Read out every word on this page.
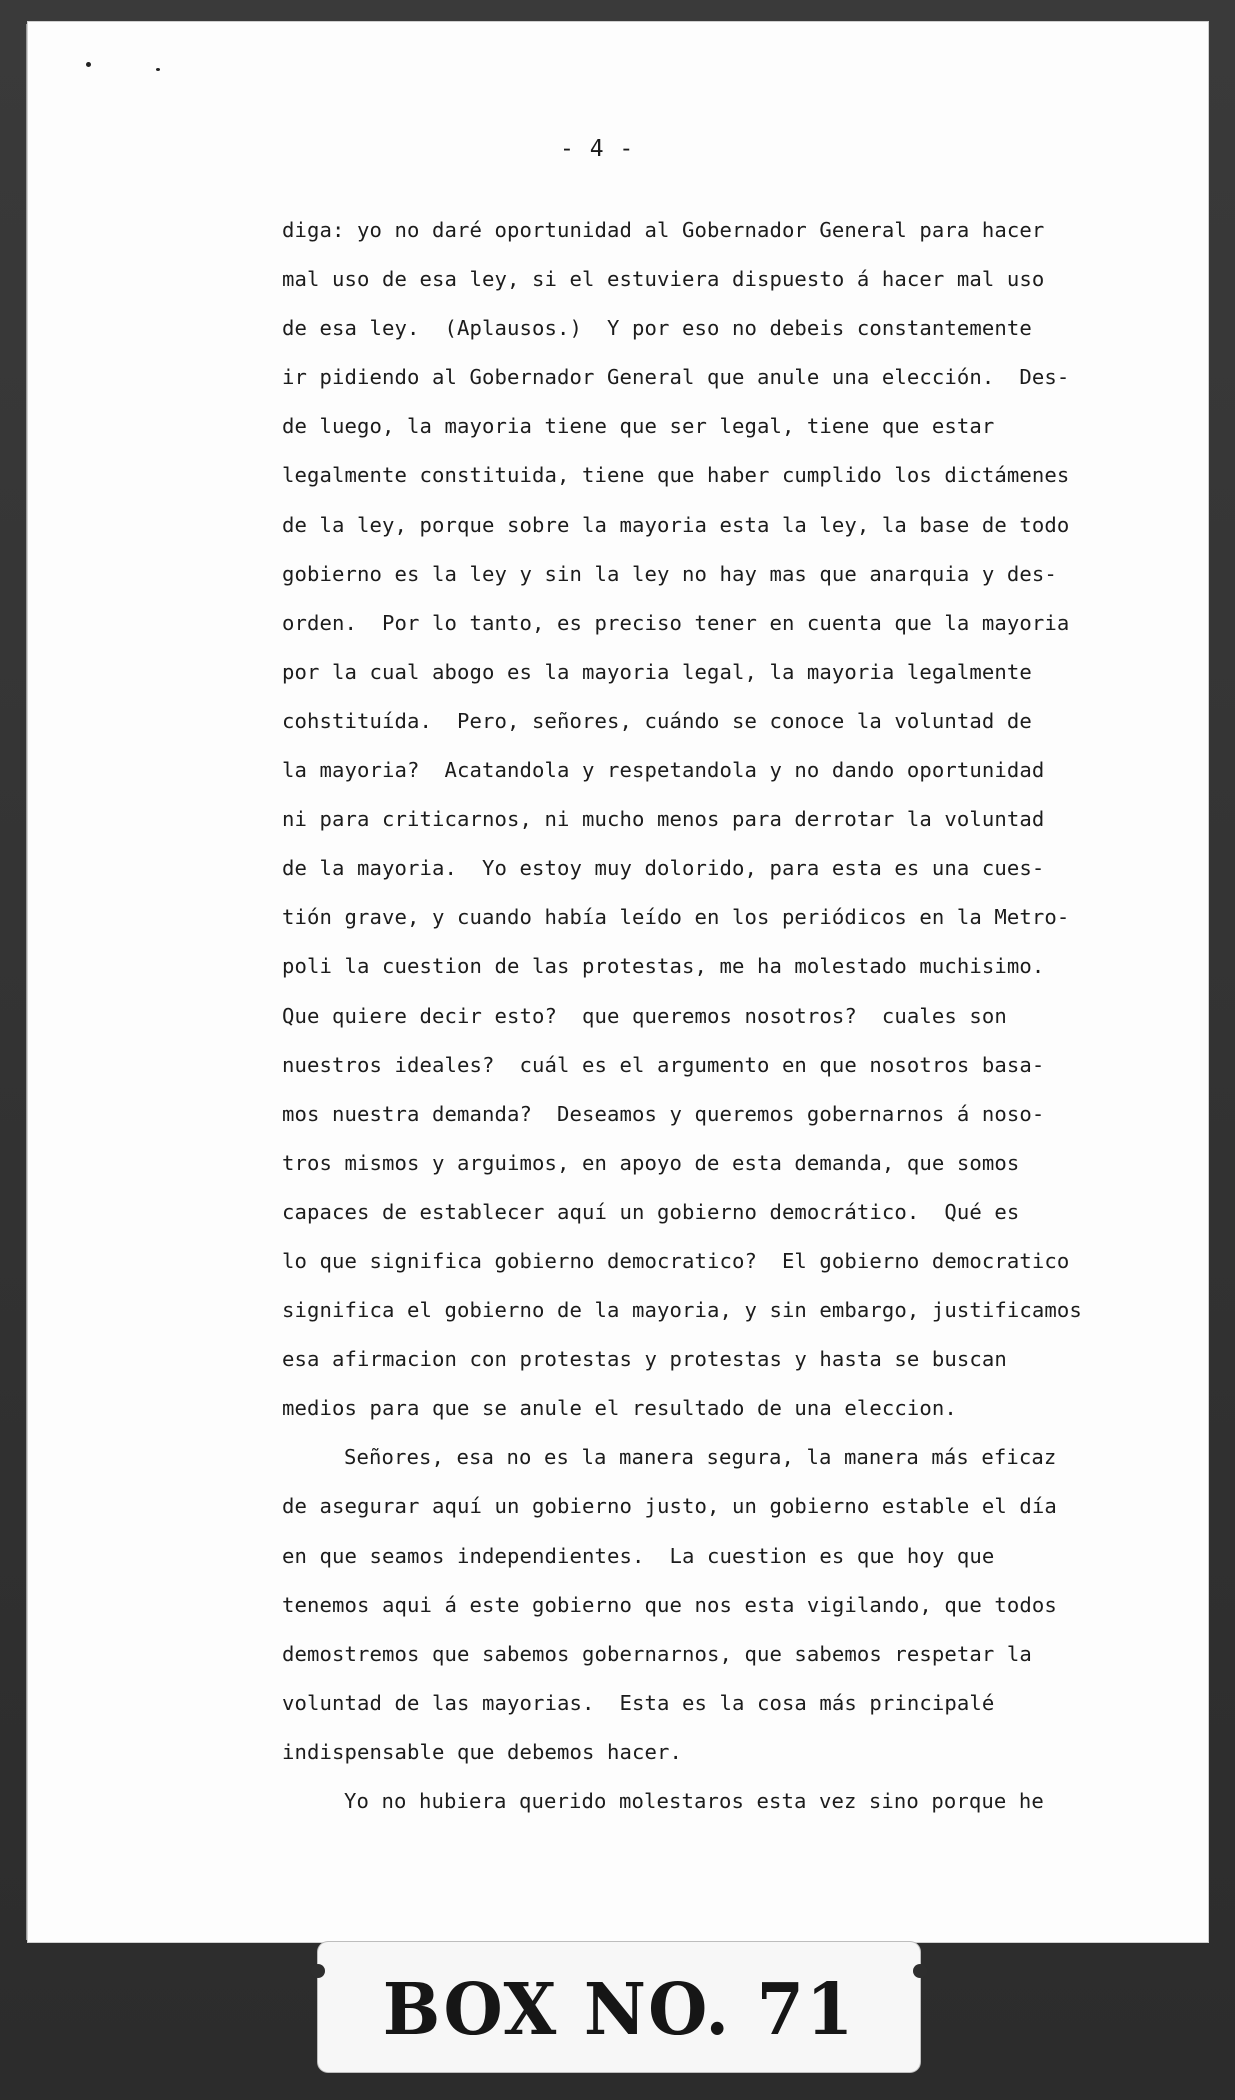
- 4 -
diga: yo no daré oportunidad al Gobernador General para hacer
mal uso de esa ley, si el estuviera dispuesto á hacer mal uso
de esa ley.  (Aplausos.)  Y por eso no debeis constantemente
ir pidiendo al Gobernador General que anule una elección.  Des-
de luego, la mayoria tiene que ser legal, tiene que estar
legalmente constituida, tiene que haber cumplido los dictámenes
de la ley, porque sobre la mayoria esta la ley, la base de todo
gobierno es la ley y sin la ley no hay mas que anarquia y des-
orden.  Por lo tanto, es preciso tener en cuenta que la mayoria
por la cual abogo es la mayoria legal, la mayoria legalmente
cohstituída.  Pero, señores, cuándo se conoce la voluntad de
la mayoria?  Acatandola y respetandola y no dando oportunidad
ni para criticarnos, ni mucho menos para derrotar la voluntad
de la mayoria.  Yo estoy muy dolorido, para esta es una cues-
tión grave, y cuando había leído en los periódicos en la Metro-
poli la cuestion de las protestas, me ha molestado muchisimo.
Que quiere decir esto?  que queremos nosotros?  cuales son
nuestros ideales?  cuál es el argumento en que nosotros basa-
mos nuestra demanda?  Deseamos y queremos gobernarnos á noso-
tros mismos y arguimos, en apoyo de esta demanda, que somos
capaces de establecer aquí un gobierno democrático.  Qué es
lo que significa gobierno democratico?  El gobierno democratico
significa el gobierno de la mayoria, y sin embargo, justificamos
esa afirmacion con protestas y protestas y hasta se buscan
medios para que se anule el resultado de una eleccion.
Señores, esa no es la manera segura, la manera más eficaz
de asegurar aquí un gobierno justo, un gobierno estable el día
en que seamos independientes.  La cuestion es que hoy que
tenemos aqui á este gobierno que nos esta vigilando, que todos
demostremos que sabemos gobernarnos, que sabemos respetar la
voluntad de las mayorias.  Esta es la cosa más principalé
indispensable que debemos hacer.
Yo no hubiera querido molestaros esta vez sino porque he
BOX NO. 71
